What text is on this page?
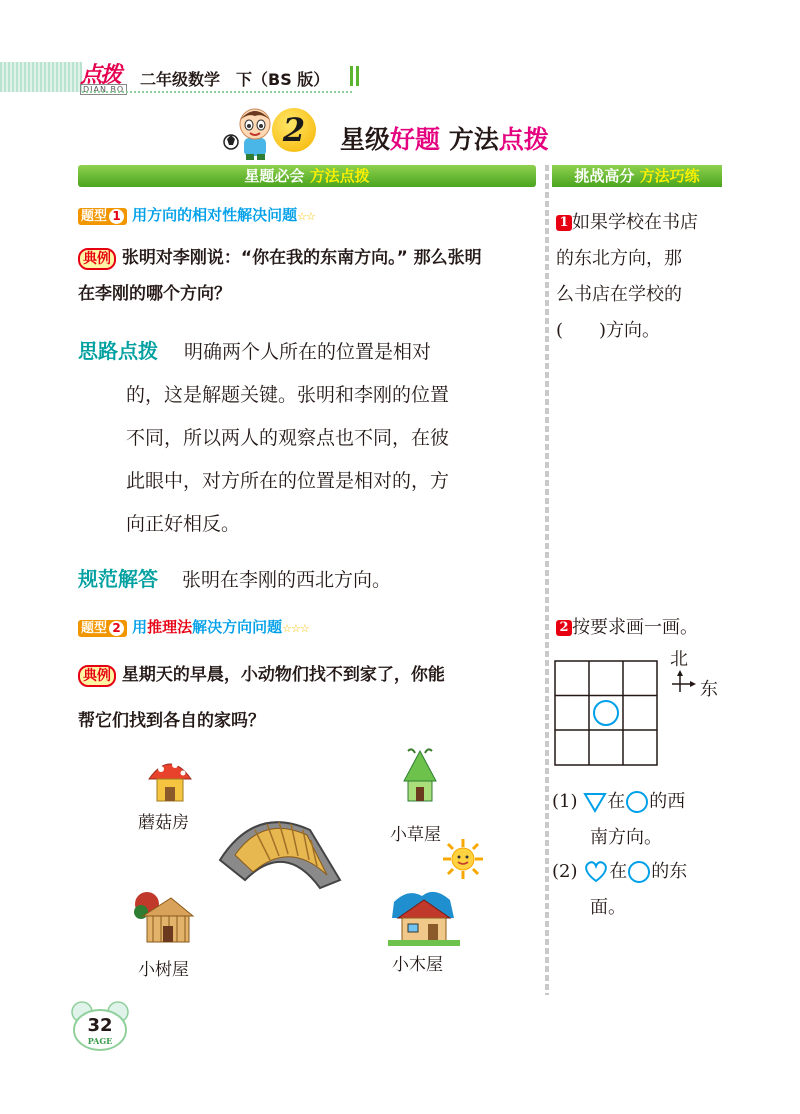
点拨
DIAN BO
二年级数学　下（BS 版）
2	星级好题 方法点拨
星题必会 方法点拨	挑战高分 方法巧练
题型 1 用方向的相对性解决问题☆☆
典例 张明对李刚说：“你在我的东南方向。” 那么张明
在李刚的哪个方向？
思路点拨 明确两个人所在的位置是相对
的，这是解题关键。张明和李刚的位置
不同，所以两人的观察点也不同，在彼
此眼中，对方所在的位置是相对的，方
向正好相反。
规范解答 张明在李刚的西北方向。
题型 2 用推理法解决方向问题☆☆☆
典例 星期天的早晨，小动物们找不到家了，你能
帮它们找到各自的家吗？
蘑菇房
小草屋
小树屋	小木屋
1 如果学校在书店
的东北方向，那
么书店在学校的
(　　)方向。
2 按要求画一画。
北
东
(1) 在 的西
南方向。
(2) 在 的东
面。
32
PAGE
